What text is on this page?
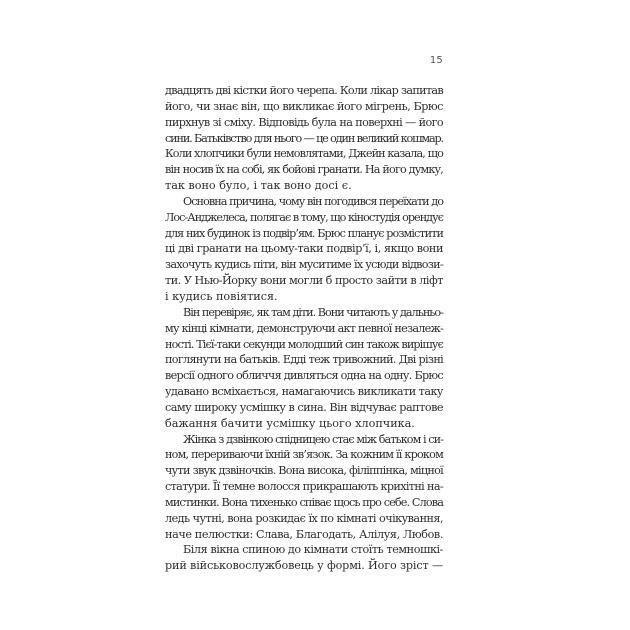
15

двадцять дві кістки його черепа. Коли лікар запитав
його, чи знає він, що викликає його мігрень, Брюс
пирхнув зі сміху. Відповідь була на поверхні — його
сини. Батьківство для нього — це один великий кошмар.
Коли хлопчики були немовлятами, Джейн казала, що
він носив їх на собі, як бойові гранати. На його думку,
так воно було, і так воно досі є.

Основна причина, чому він погодився переїхати до
Лос-Анджелеса, полягає в тому, що кіностудія орендує
для них будинок із подвір’ям. Брюс планує розмістити
ці дві гранати на цьому-таки подвір’ї, і, якщо вони
захочуть кудись піти, він муситиме їх усюди відвози-
ти. У Нью-Йорку вони могли б просто зайти в ліфт
і кудись повіятися.

Він перевіряє, як там діти. Вони читають у дальньо-
му кінці кімнати, демонструючи акт певної незалеж-
ності. Тієї-таки секунди молодший син також вирішує
поглянути на батьків. Едді теж тривожний. Дві різні
версії одного обличчя дивляться одна на одну. Брюс
удавано всміхається, намагаючись викликати таку
саму широку усмішку в сина. Він відчуває раптове
бажання бачити усмішку цього хлопчика.

Жінка з дзвінкою спідницею стає між батьком і си-
ном, перериваючи їхній зв’язок. За кожним її кроком
чути звук дзвіночків. Вона висока, філіппінка, міцної
статури. Її темне волосся прикрашають крихітні на-
мистинки. Вона тихенько співає щось про себе. Слова
ледь чутні, вона розкидає їх по кімнаті очікування,
наче пелюстки: Слава, Благодать, Алілуя, Любов.

Біля вікна спиною до кімнати стоїть темношкі-
рий військовослужбовець у формі. Його зріст —
